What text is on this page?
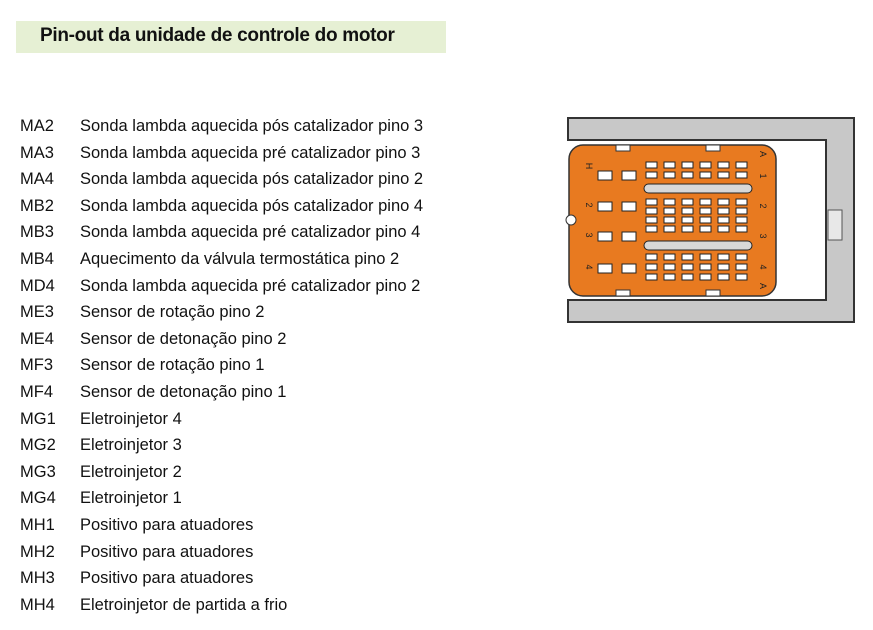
Pin-out da unidade de controle do motor
MA2	Sonda lambda aquecida pós catalizador pino 3
MA3	Sonda lambda aquecida pré catalizador pino 3
MA4	Sonda lambda aquecida pós catalizador pino 2
MB2	Sonda lambda aquecida pós catalizador pino 4
MB3	Sonda lambda aquecida pré catalizador pino 4
MB4	Aquecimento da válvula termostática pino 2
MD4	Sonda lambda aquecida pré catalizador pino 2
ME3	Sensor de rotação pino 2
ME4	Sensor de detonação pino 2
MF3	Sensor de rotação pino 1
MF4	Sensor de detonação pino 1
MG1	Eletroinjetor 4
MG2	Eletroinjetor 3
MG3	Eletroinjetor 2
MG4	Eletroinjetor 1
MH1	Positivo para atuadores
MH2	Positivo para atuadores
MH3	Positivo para atuadores
MH4	Eletroinjetor de partida a frio
H
2
3
4
A
1
2
3
4
A
